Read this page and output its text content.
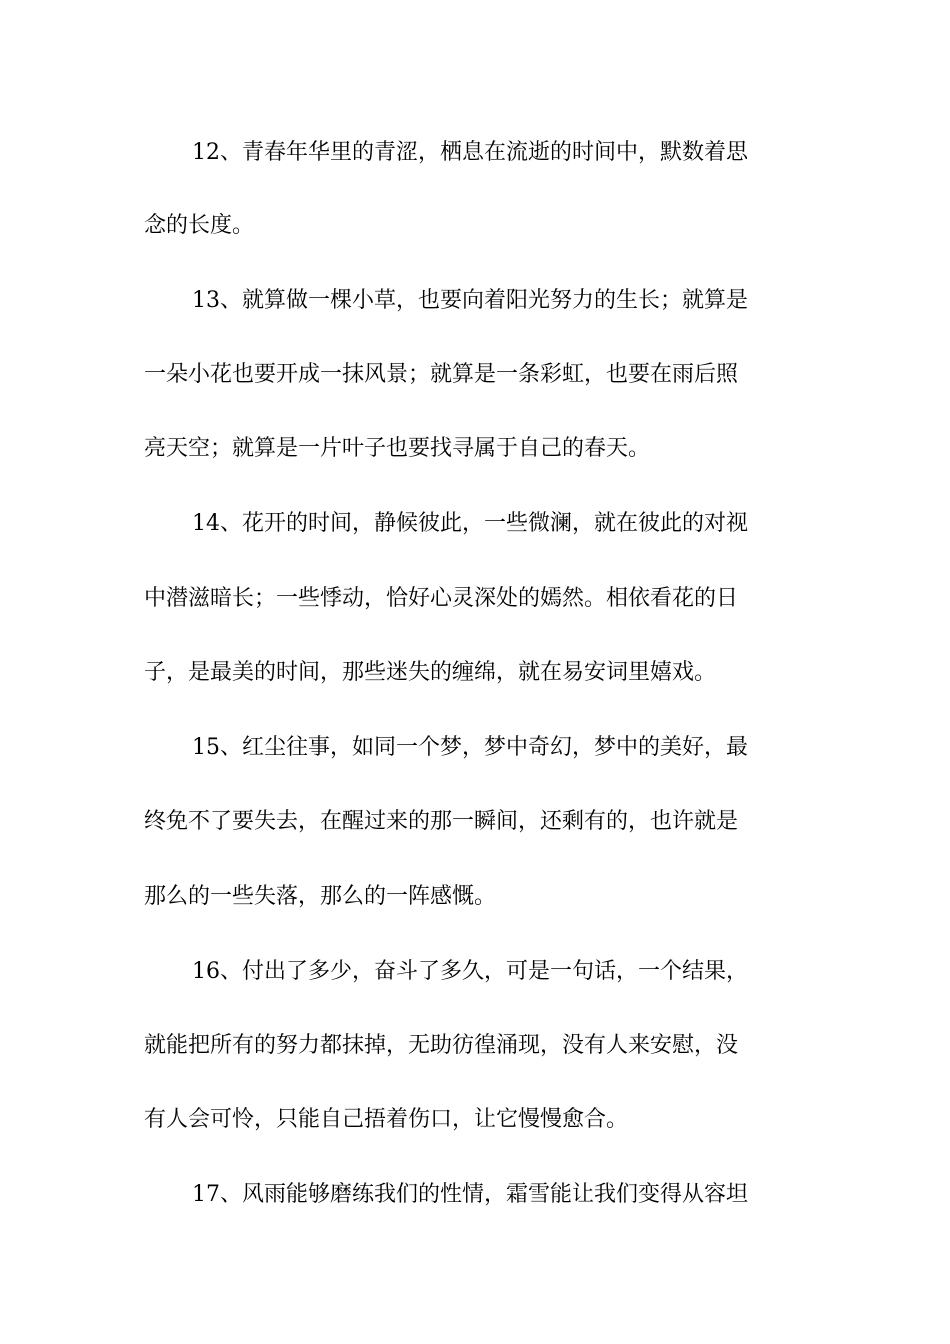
12、青春年华里的青涩，栖息在流逝的时间中，默数着思
念的长度。
13、就算做一棵小草，也要向着阳光努力的生长；就算是
一朵小花也要开成一抹风景；就算是一条彩虹，也要在雨后照
亮天空；就算是一片叶子也要找寻属于自己的春天。
14、花开的时间，静候彼此，一些微澜，就在彼此的对视
中潜滋暗长；一些悸动，恰好心灵深处的嫣然。相依看花的日
子，是最美的时间，那些迷失的缠绵，就在易安词里嬉戏。
15、红尘往事，如同一个梦，梦中奇幻，梦中的美好，最
终免不了要失去，在醒过来的那一瞬间，还剩有的，也许就是
那么的一些失落，那么的一阵感慨。
16、付出了多少，奋斗了多久，可是一句话，一个结果，
就能把所有的努力都抹掉，无助彷徨涌现，没有人来安慰，没
有人会可怜，只能自己捂着伤口，让它慢慢愈合。
17、风雨能够磨练我们的性情，霜雪能让我们变得从容坦
